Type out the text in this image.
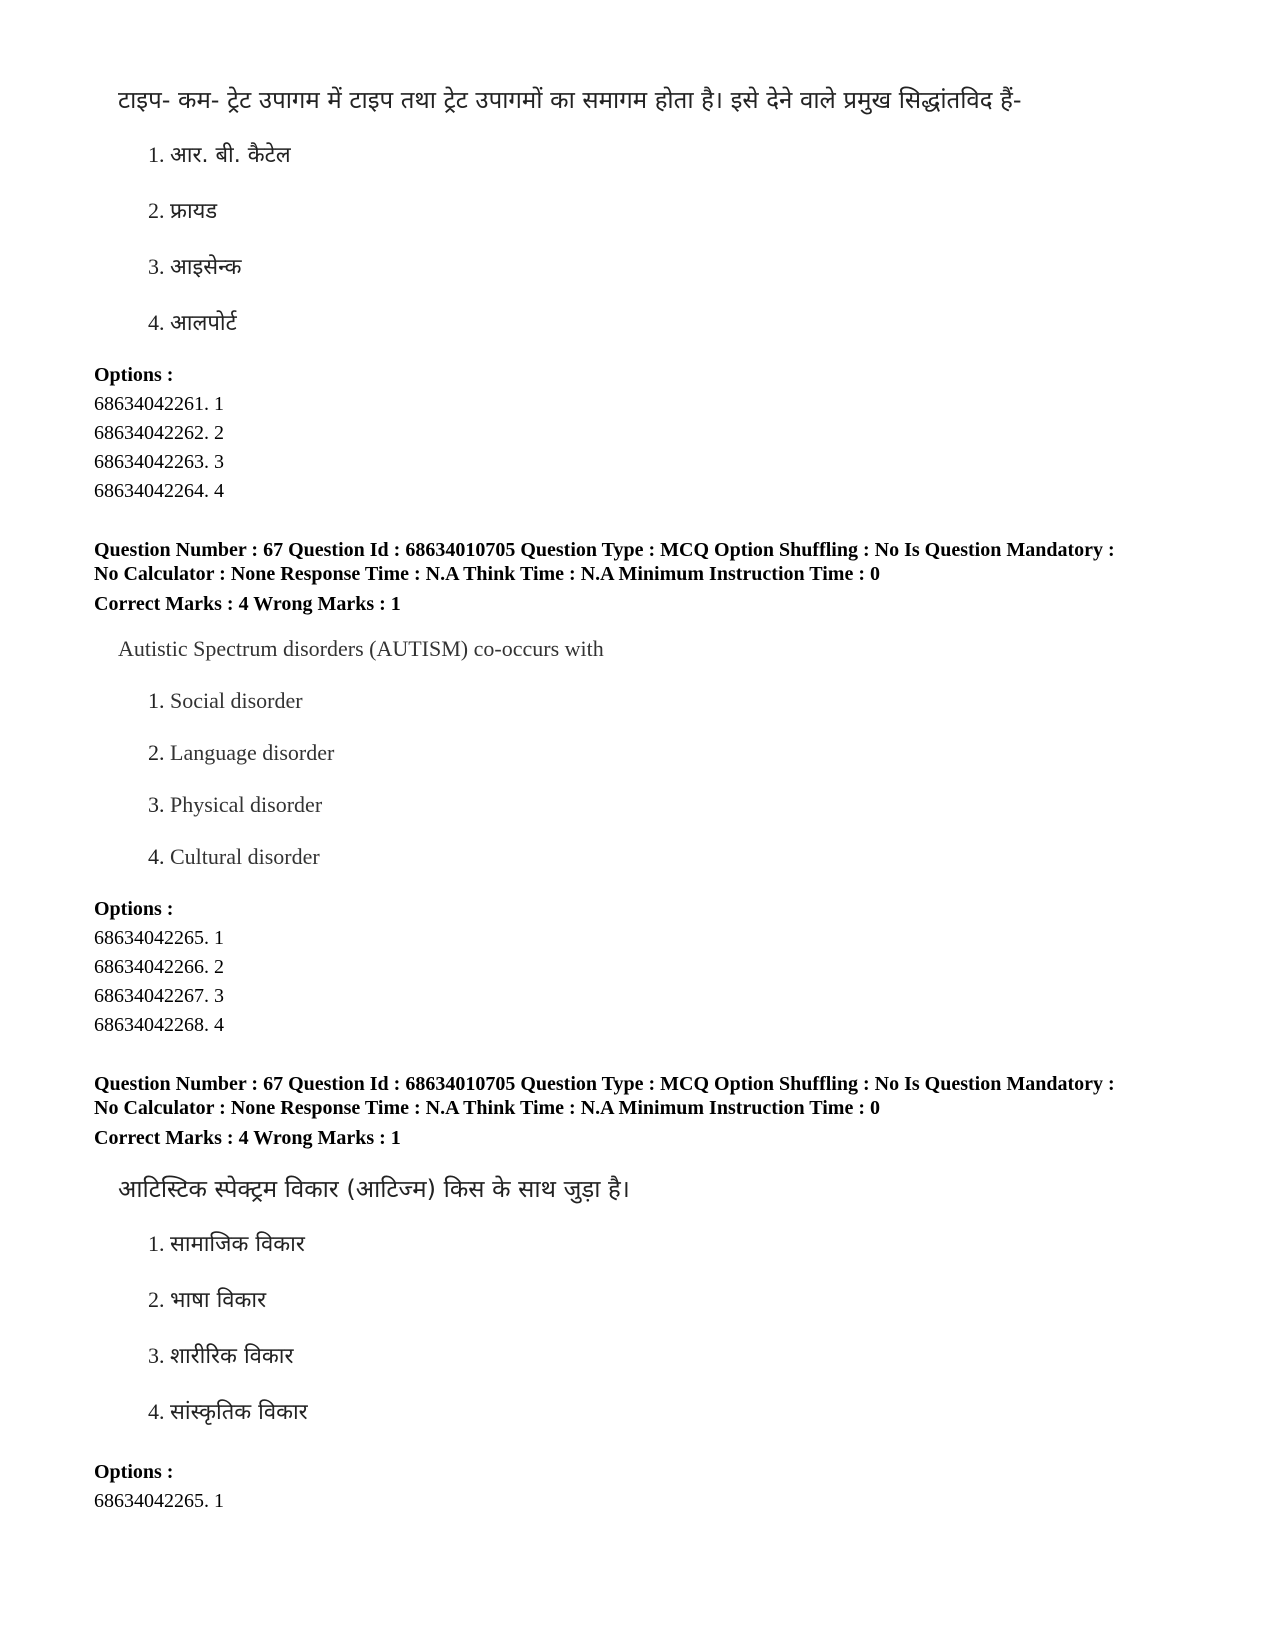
टाइप- कम- ट्रेट उपागम में टाइप तथा ट्रेट उपागमों का समागम होता है। इसे देने वाले प्रमुख सिद्धांतविद हैं-
1. आर. बी. कैटेल
2. फ्रायड
3. आइसेन्क
4. आलपोर्ट
Options :
68634042261. 1
68634042262. 2
68634042263. 3
68634042264. 4
Question Number : 67 Question Id : 68634010705 Question Type : MCQ Option Shuffling : No Is Question Mandatory :
No Calculator : None Response Time : N.A Think Time : N.A Minimum Instruction Time : 0
Correct Marks : 4 Wrong Marks : 1
Autistic Spectrum disorders (AUTISM) co-occurs with
1. Social disorder
2. Language disorder
3. Physical disorder
4. Cultural disorder
Options :
68634042265. 1
68634042266. 2
68634042267. 3
68634042268. 4
Question Number : 67 Question Id : 68634010705 Question Type : MCQ Option Shuffling : No Is Question Mandatory :
No Calculator : None Response Time : N.A Think Time : N.A Minimum Instruction Time : 0
Correct Marks : 4 Wrong Marks : 1
आटिस्टिक स्पेक्ट्रम विकार (आटिज्म) किस के साथ जुड़ा है।
1. सामाजिक विकार
2. भाषा विकार
3. शारीरिक विकार
4. सांस्कृतिक विकार
Options :
68634042265. 1
